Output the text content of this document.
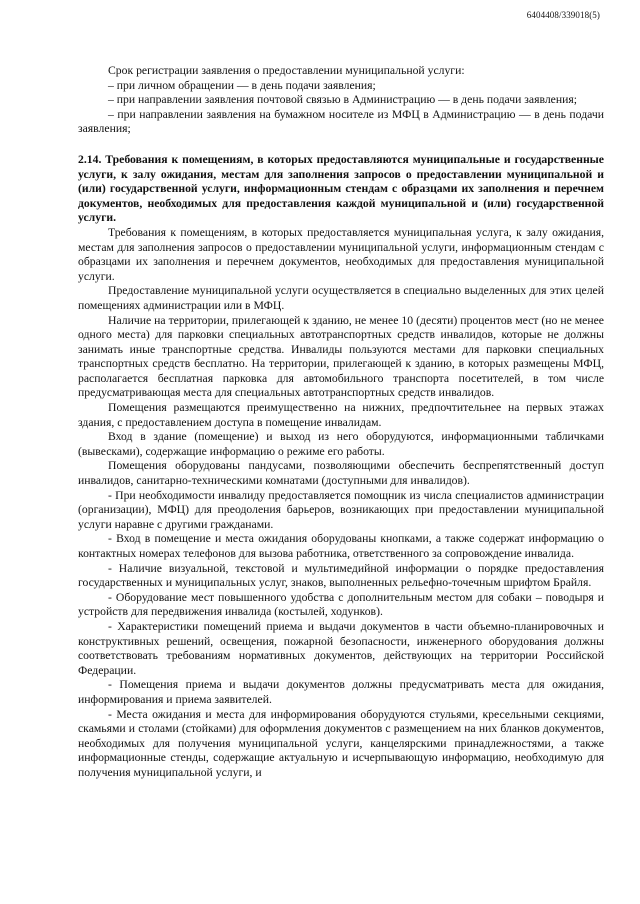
6404408/339018(5)

Срок регистрации заявления о предоставлении муниципальной услуги:

– при личном обращении — в день подачи заявления;

– при направлении заявления почтовой связью в Администрацию — в день подачи заявления;

– при направлении заявления на бумажном носителе из МФЦ в Администрацию — в день подачи заявления;

2.14. Требования к помещениям, в которых предоставляются муниципальные и государственные услуги, к залу ожидания, местам для заполнения запросов о предоставлении муниципальной и (или) государственной услуги, информационным стендам с образцами их заполнения и перечнем документов, необходимых для предоставления каждой муниципальной и (или) государственной услуги.

Требования к помещениям, в которых предоставляется муниципальная услуга, к залу ожидания, местам для заполнения запросов о предоставлении муниципальной услуги, информационным стендам с образцами их заполнения и перечнем документов, необходимых для предоставления муниципальной услуги.

Предоставление муниципальной услуги осуществляется в специально выделенных для этих целей помещениях администрации или в МФЦ.

Наличие на территории, прилегающей к зданию, не менее 10 (десяти) процентов мест (но не менее одного места) для парковки специальных автотранспортных средств инвалидов, которые не должны занимать иные транспортные средства. Инвалиды пользуются местами для парковки специальных транспортных средств бесплатно. На территории, прилегающей к зданию, в которых размещены МФЦ, располагается бесплатная парковка для автомобильного транспорта посетителей, в том числе предусматривающая места для специальных автотранспортных средств инвалидов.

Помещения размещаются преимущественно на нижних, предпочтительнее на первых этажах здания, с предоставлением доступа в помещение инвалидам.

Вход в здание (помещение) и выход из него оборудуются, информационными табличками (вывесками), содержащие информацию о режиме его работы.

Помещения оборудованы пандусами, позволяющими обеспечить беспрепятственный доступ инвалидов, санитарно-техническими комнатами (доступными для инвалидов).

- При необходимости инвалиду предоставляется помощник из числа специалистов администрации (организации), МФЦ) для преодоления барьеров, возникающих при предоставлении муниципальной услуги наравне с другими гражданами.

- Вход в помещение и места ожидания оборудованы кнопками, а также содержат информацию о контактных номерах телефонов для вызова работника, ответственного за сопровождение инвалида.

- Наличие визуальной, текстовой и мультимедийной информации о порядке предоставления государственных и муниципальных услуг, знаков, выполненных рельефно-точечным шрифтом Брайля.

- Оборудование мест повышенного удобства с дополнительным местом для собаки – поводыря и устройств для передвижения инвалида (костылей, ходунков).

- Характеристики помещений приема и выдачи документов в части объемно-планировочных и конструктивных решений, освещения, пожарной безопасности, инженерного оборудования должны соответствовать требованиям нормативных документов, действующих на территории Российской Федерации.

- Помещения приема и выдачи документов должны предусматривать места для ожидания, информирования и приема заявителей.

- Места ожидания и места для информирования оборудуются стульями, кресельными секциями, скамьями и столами (стойками) для оформления документов с размещением на них бланков документов, необходимых для получения муниципальной услуги, канцелярскими принадлежностями, а также информационные стенды, содержащие актуальную и исчерпывающую информацию, необходимую для получения муниципальной услуги, и
